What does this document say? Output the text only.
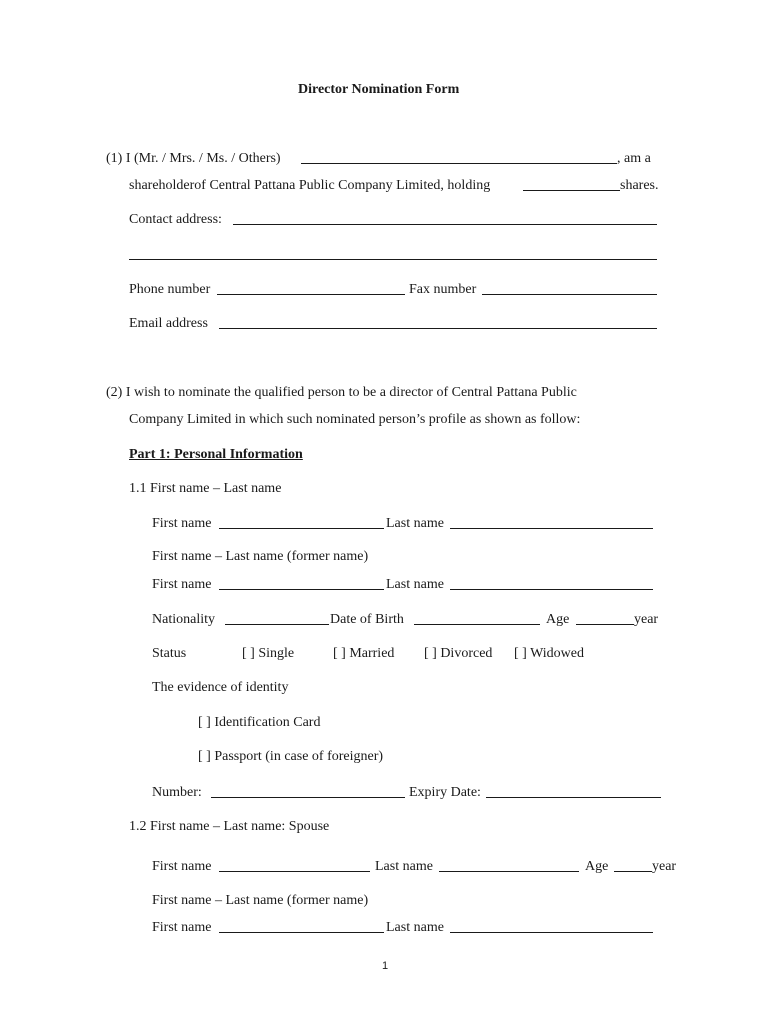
Director Nomination Form
(1) I (Mr. / Mrs. / Ms. / Others)	, am a
shareholderof Central Pattana Public Company Limited, holding	shares.
Contact address:
Phone number	Fax number
Email address
(2) I wish to nominate the qualified person to be a director of Central Pattana Public
Company Limited in which such nominated person’s profile as shown as follow:
Part 1: Personal Information
1.1 First name – Last name
First name	Last name
First name – Last name (former name)
First name	Last name
Nationality	Date of Birth	Age	year
Status	[ ] Single	[ ] Married [ ] Divorced [ ] Widowed
The evidence of identity
[ ] Identification Card
[ ] Passport (in case of foreigner)
Number:	Expiry Date:
1.2 First name – Last name: Spouse
First name	Last name	Age	year
First name – Last name (former name)
First name	Last name
1
